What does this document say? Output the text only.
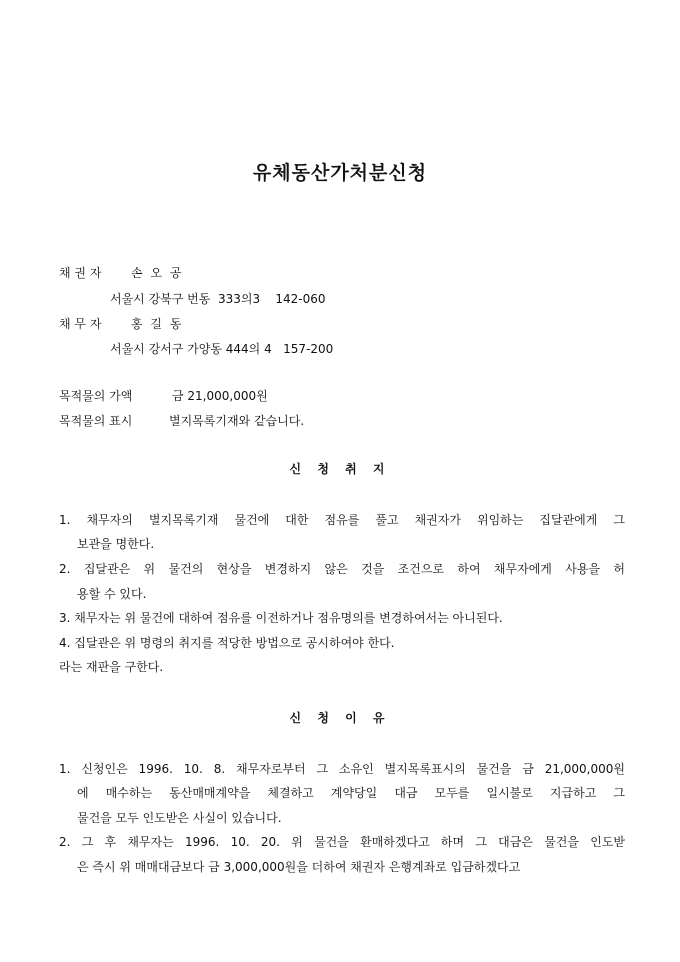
유체동산가처분신청
채 권 자 손 오 공
서울시 강북구 번동  333의3    142-060
채 무 자 홍 길 동
서울시 강서구 가양동 444의 4   157-200
목적물의 가액	금 21,000,000원
목적물의 표시	별지목록기재와 같습니다.
신 청 취 지
1. 채무자의 별지목록기재 물건에 대한 점유를 풀고 채권자가 위임하는 집달관에게 그
보관을 명한다.
2. 집달관은 위 물건의 현상을 변경하지 않은 것을 조건으로 하여 채무자에게 사용을 허
용할 수 있다.
3. 채무자는 위 물건에 대하여 점유를 이전하거나 점유명의를 변경하여서는 아니된다.
4. 집달관은 위 명령의 취지를 적당한 방법으로 공시하여야 한다.
라는 재판을 구한다.
신 청 이 유
1. 신청인은 1996. 10. 8. 채무자로부터 그 소유인 별지목록표시의 물건을 금 21,000,000원
에 매수하는 동산매매계약을 체결하고 계약당일 대금 모두를 일시불로 지급하고 그
물건을 모두 인도받은 사실이 있습니다.
2. 그 후 채무자는 1996. 10. 20. 위 물건을 환매하겠다고 하며 그 대금은 물건을 인도받
은 즉시 위 매매대금보다 금 3,000,000원을 더하여 채권자 은행계좌로 입금하겠다고
